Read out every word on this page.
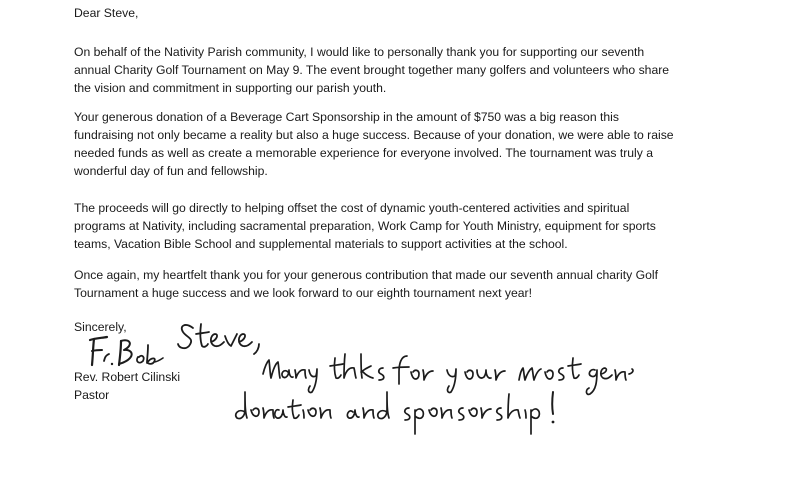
Dear Steve,

On behalf of the Nativity Parish community, I would like to personally thank you for supporting our seventh
annual Charity Golf Tournament on May 9. The event brought together many golfers and volunteers who share
the vision and commitment in supporting our parish youth.

Your generous donation of a Beverage Cart Sponsorship in the amount of $750 was a big reason this
fundraising not only became a reality but also a huge success. Because of your donation, we were able to raise
needed funds as well as create a memorable experience for everyone involved. The tournament was truly a
wonderful day of fun and fellowship.

The proceeds will go directly to helping offset the cost of dynamic youth-centered activities and spiritual
programs at Nativity, including sacramental preparation, Work Camp for Youth Ministry, equipment for sports
teams, Vacation Bible School and supplemental materials to support activities at the school.

Once again, my heartfelt thank you for your generous contribution that made our seventh annual charity Golf
Tournament a huge success and we look forward to our eighth tournament next year!

Sincerely,

Rev. Robert Cilinski

Pastor
